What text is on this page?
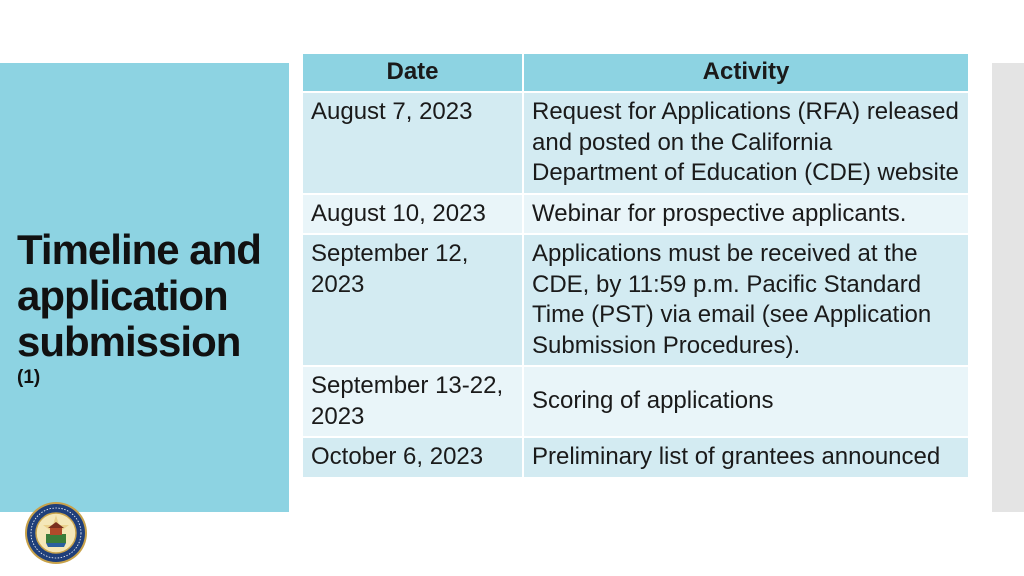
Timeline and application submission

(1)

Date	Activity
August 7, 2023	Request for Applications (RFA) released and posted on the California Department of Education (CDE) website
August 10, 2023	Webinar for prospective applicants.
September 12, 2023	Applications must be received at the CDE, by 11:59 p.m. Pacific Standard Time (PST) via email (see Application Submission Procedures).
September 13-22, 2023	Scoring of applications
October 6, 2023	Preliminary list of grantees announced
